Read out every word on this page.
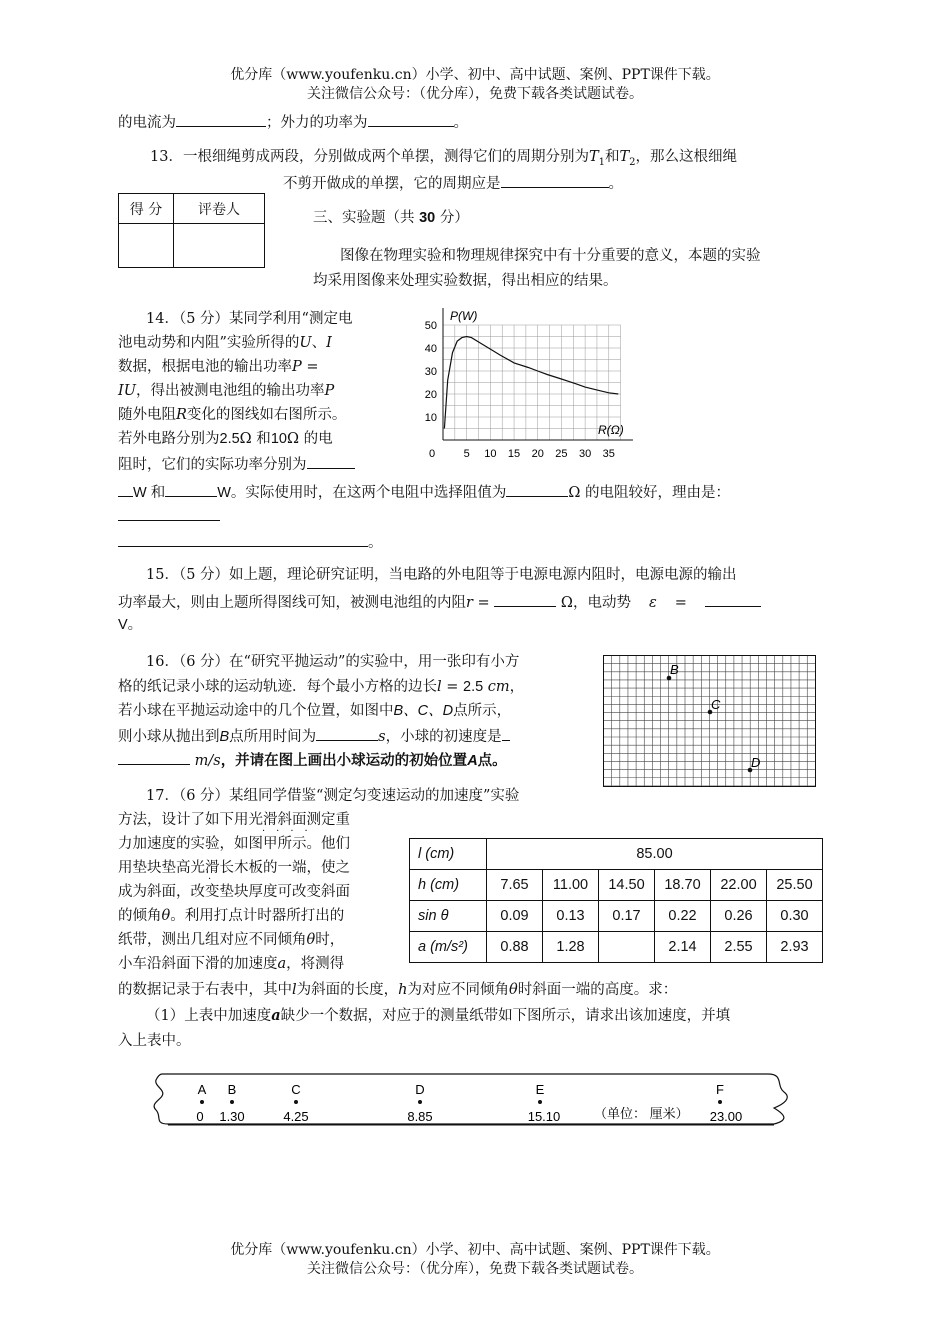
优分库（www.youfenku.cn）小学、初中、高中试题、案例、PPT课件下载。
关注微信公众号：（优分库），免费下载各类试题试卷。
的电流为	；外力的功率为	。
13．一根细绳剪成两段，分别做成两个单摆，测得它们的周期分别为$T_1$和$T_2$，那么这根细绳
不剪开做成的单摆，它的周期应是	。
得 分	评卷人

三、实验题（共 30 分）
图像在物理实验和物理规律探究中有十分重要的意义，本题的实验
均采用图像来处理实验数据，得出相应的结果。
14．（5 分）某同学利用“测定电
池电动势和内阻”实验所得的U、I
数据，根据电池的输出功率P =
IU，得出被测电池组的输出功率P
随外电阻R变化的图线如右图所示。
若外电路分别为2.5Ω 和10Ω 的电
阻时，它们的实际功率分别为
W 和	W。实际使用时，在这两个电阻中选择阻值为	Ω 的电阻较好，理由是：
。
10
20
30
40
50
0	5 10 15 20 25 30 35
P(W)
R(Ω)
15．（5 分）如上题，理论研究证明，当电路的外电阻等于电源电源内阻时，电源电源的输出
功率最大，则由上题所得图线可知，被测电池组的内阻r =	Ω，电动势 ε =
V。
16．（6 分）在“研究平抛运动”的实验中，用一张印有小方
格的纸记录小球的运动轨迹．每个最小方格的边长l = 2.5 cm，
若小球在平抛运动途中的几个位置，如图中B、C、D点所示，
则小球从抛出到B点所用时间为	s，小球的初速度是
m/s，并请在图上画出小球运动的初始位置A点。
B
C
D
17．（6 分）某组同学借鉴“测定匀变速运动的加速度”实验
方法，设计了如下用光滑斜面测定重
····
力加速度的实验，如图甲所示。他们
用垫块垫高光滑长木板的一端，使之
·
成为斜面，改变垫块厚度可改变斜面
的倾角θ。利用打点计时器所打出的
纸带，测出几组对应不同倾角θ时，
小车沿斜面下滑的加速度a，将测得
的数据记录于右表中，其中l为斜面的长度，h为对应不同倾角θ时斜面一端的高度。求：
（1）上表中加速度a缺少一个数据，对应于的测量纸带如下图所示，请求出该加速度，并填
入上表中。
l (cm)	85.00					
h (cm)	7.65	11.00	14.50	18.70	22.00	25.50
sin θ	0.09	0.13	0.17	0.22	0.26	0.30
a (m/s²)	0.88	1.28		2.14	2.55	2.93
A
0
B
1.30
C
4.25
D
8.85
E
15.10
F
23.00
（单位： 厘米）
优分库（www.youfenku.cn）小学、初中、高中试题、案例、PPT课件下载。
关注微信公众号：（优分库），免费下载各类试题试卷。
